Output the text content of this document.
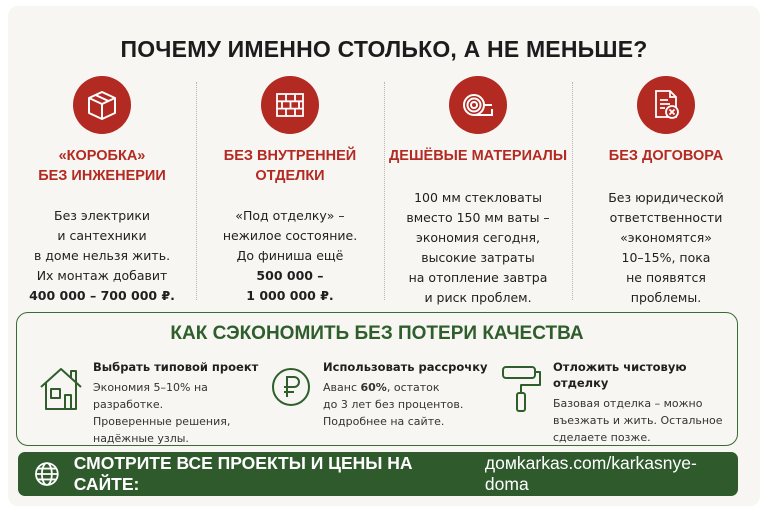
ПОЧЕМУ ИМЕННО СТОЛЬКО, А НЕ МЕНЬШЕ?
«КОРОБКА»
БЕЗ ИНЖЕНЕРИИ
Без электрики
и сантехники
в доме нельзя жить.
Их монтаж добавит
400 000 – 700 000 ₽.
БЕЗ ВНУТРЕННЕЙ
ОТДЕЛКИ
«Под отделку» –
нежилое состояние.
До финиша ещё
500 000 –
1 000 000 ₽.
ДЕШЁВЫЕ МАТЕРИАЛЫ
100 мм стекловаты
вместо 150 мм ваты –
экономия сегодня,
высокие затраты
на отопление завтра
и риск проблем.
БЕЗ ДОГОВОРА
Без юридической
ответственности
«экономятся»
10–15%, пока
не появятся
проблемы.
КАК СЭКОНОМИТЬ БЕЗ ПОТЕРИ КАЧЕСТВА
Выбрать типовой проект
Экономия 5–10% на разработке.
Проверенные решения,
надёжные узлы.
Использовать рассрочку
Аванс 60%, остаток
до 3 лет без процентов.
Подробнее на сайте.
Отложить чистовую отделку
Базовая отделка – можно
въезжать и жить. Остальное
сделаете позже.
СМОТРИТЕ ВСЕ ПРОЕКТЫ И ЦЕНЫ НА САЙТЕ:
домkarkas.com/karkasnye-doma
